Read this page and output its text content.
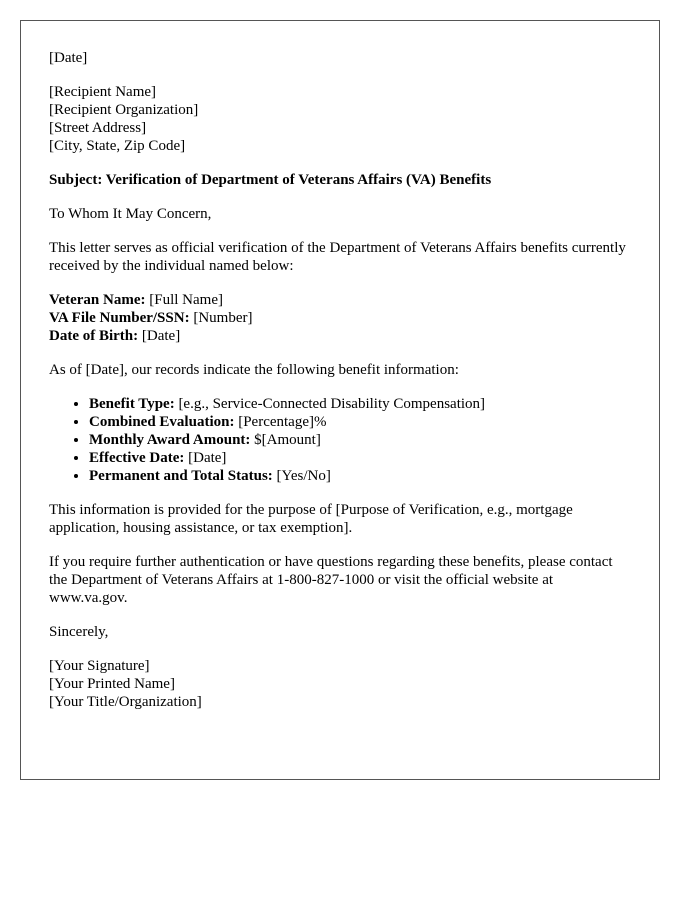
[Date]

[Recipient Name]
[Recipient Organization]
[Street Address]
[City, State, Zip Code]

Subject: Verification of Department of Veterans Affairs (VA) Benefits

To Whom It May Concern,

This letter serves as official verification of the Department of Veterans Affairs benefits currently received by the individual named below:

Veteran Name: [Full Name]
VA File Number/SSN: [Number]
Date of Birth: [Date]

As of [Date], our records indicate the following benefit information:

• Benefit Type: [e.g., Service-Connected Disability Compensation]
• Combined Evaluation: [Percentage]%
• Monthly Award Amount: $[Amount]
• Effective Date: [Date]
• Permanent and Total Status: [Yes/No]

This information is provided for the purpose of [Purpose of Verification, e.g., mortgage application, housing assistance, or tax exemption].

If you require further authentication or have questions regarding these benefits, please contact the Department of Veterans Affairs at 1-800-827-1000 or visit the official website at www.va.gov.

Sincerely,

[Your Signature]
[Your Printed Name]
[Your Title/Organization]
